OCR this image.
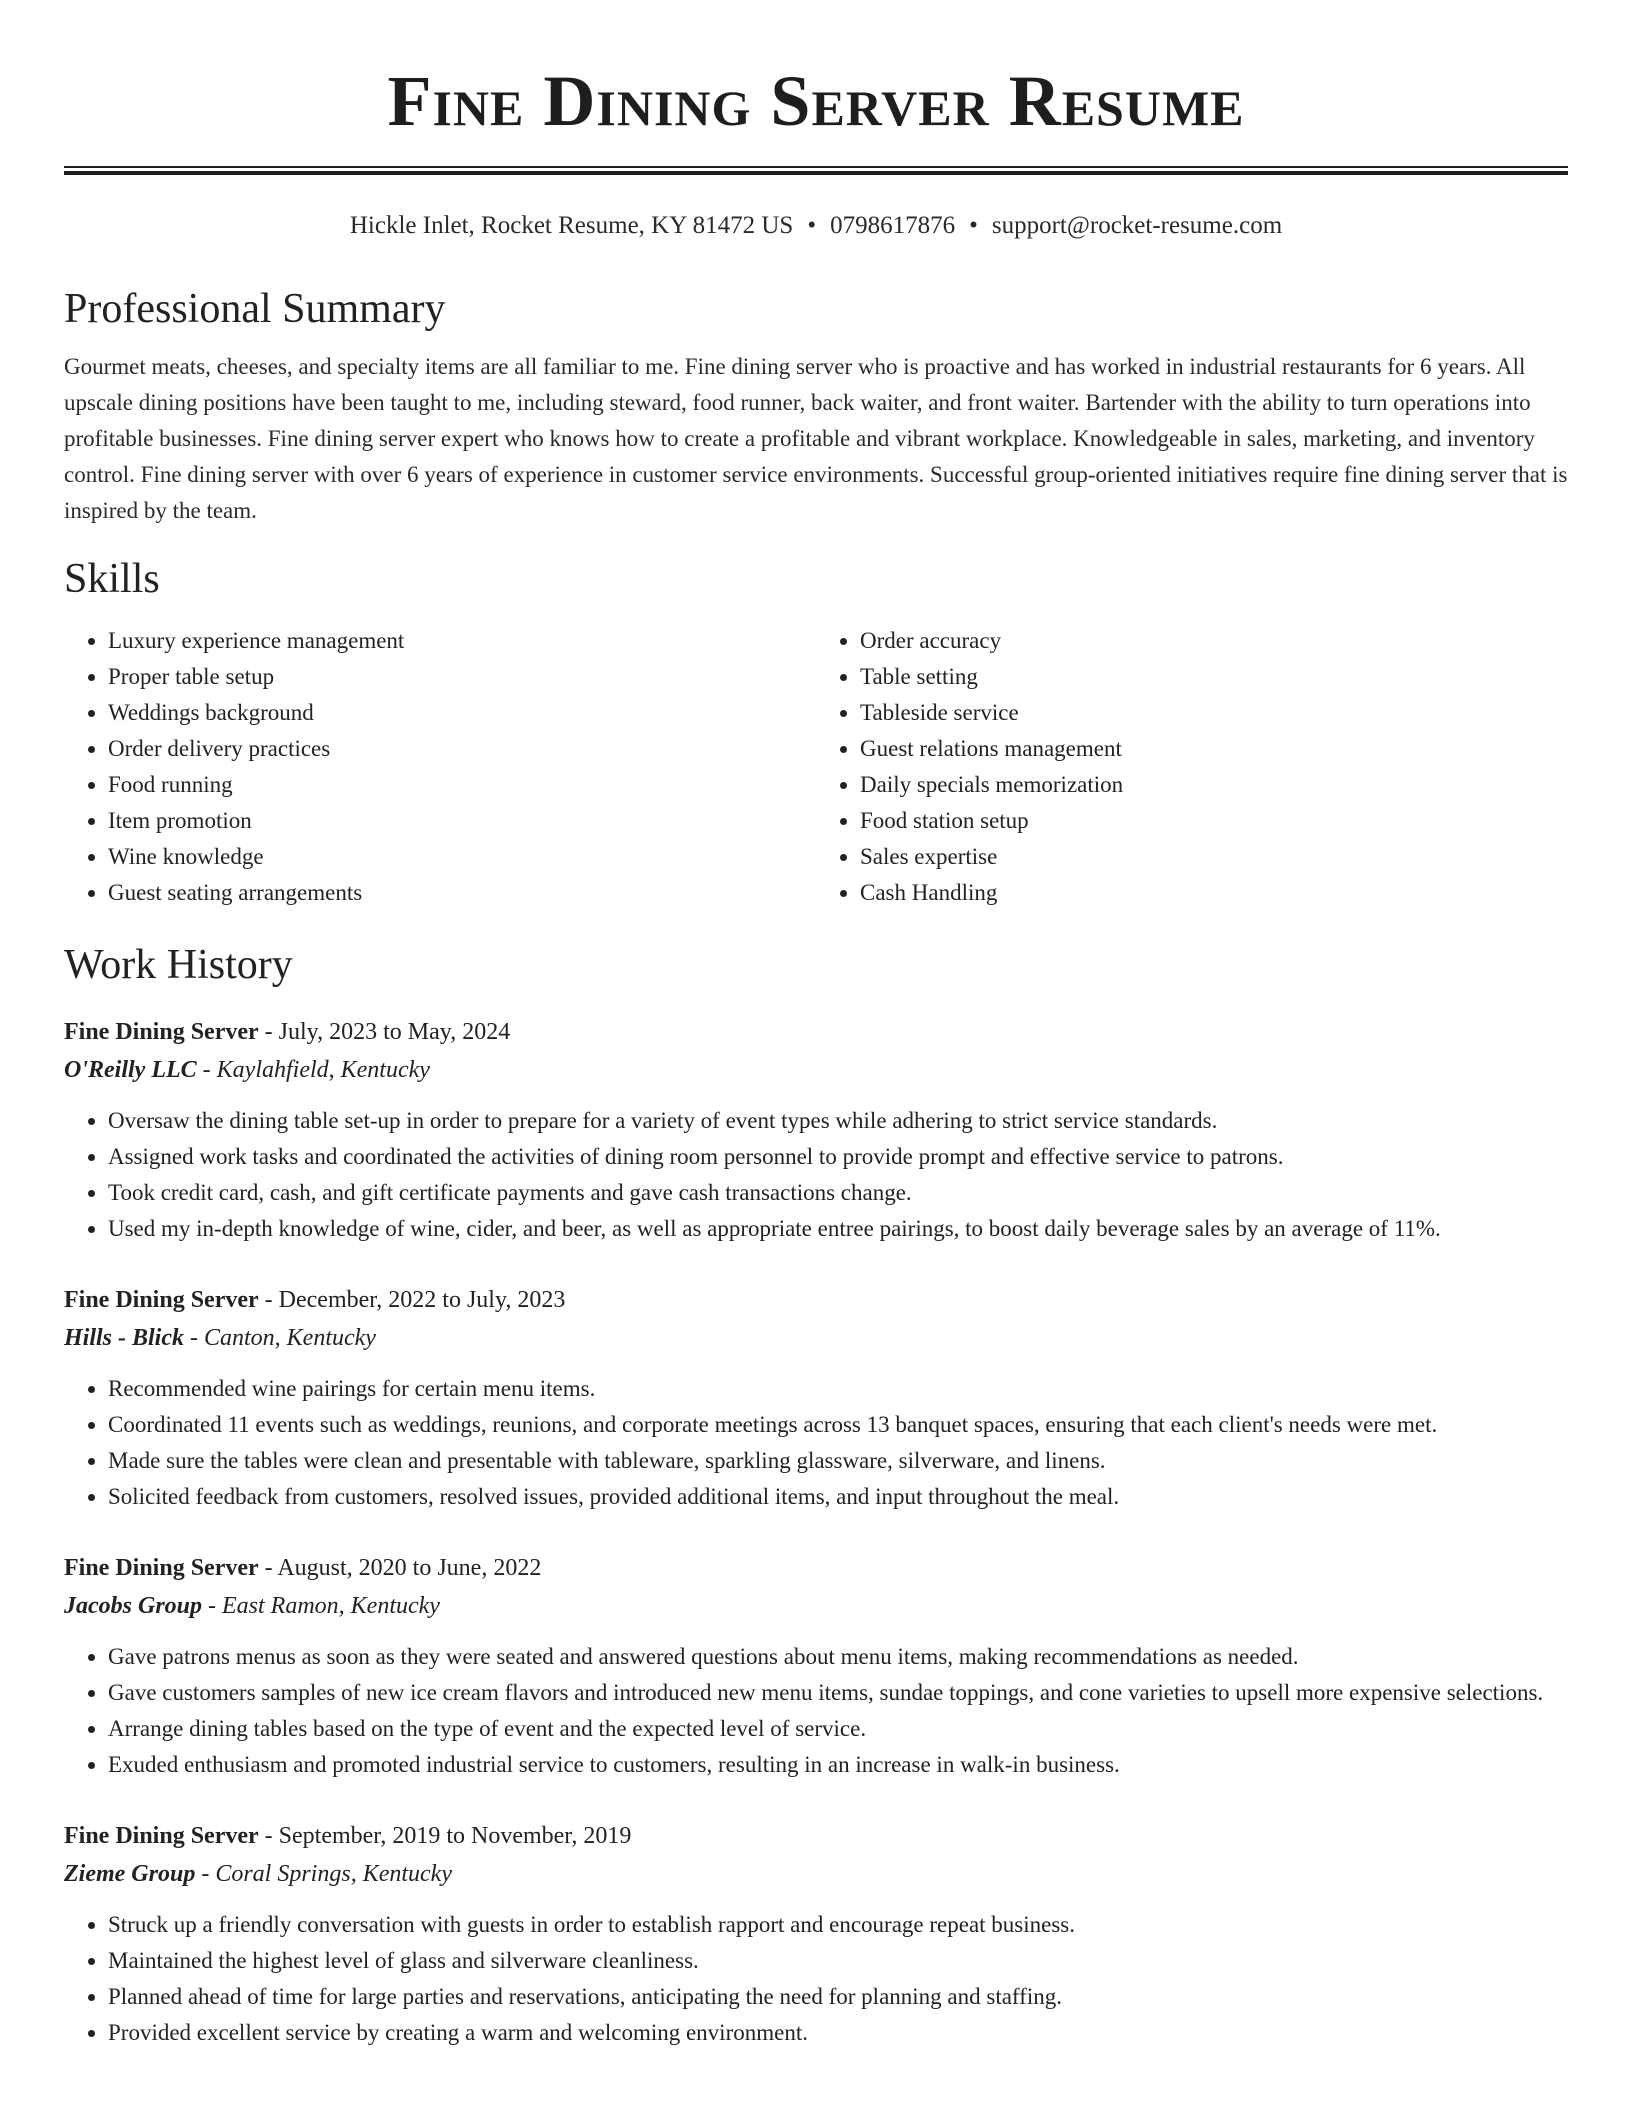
Fine Dining Server Resume
Hickle Inlet, Rocket Resume, KY 81472 US • 0798617876 • support@rocket-resume.com
Professional Summary

Gourmet meats, cheeses, and specialty items are all familiar to me. Fine dining server who is proactive and has worked in industrial restaurants for 6 years. All upscale dining positions have been taught to me, including steward, food runner, back waiter, and front waiter. Bartender with the ability to turn operations into profitable businesses. Fine dining server expert who knows how to create a profitable and vibrant workplace. Knowledgeable in sales, marketing, and inventory control. Fine dining server with over 6 years of experience in customer service environments. Successful group-oriented initiatives require fine dining server that is inspired by the team.

Skills
• Luxury experience management
• Proper table setup
• Weddings background
• Order delivery practices
• Food running
• Item promotion
• Wine knowledge
• Guest seating arrangements
• Order accuracy
• Table setting
• Tableside service
• Guest relations management
• Daily specials memorization
• Food station setup
• Sales expertise
• Cash Handling
Work History
Fine Dining Server - July, 2023 to May, 2024
O'Reilly LLC - Kaylahfield, Kentucky
• Oversaw the dining table set-up in order to prepare for a variety of event types while adhering to strict service standards.
• Assigned work tasks and coordinated the activities of dining room personnel to provide prompt and effective service to patrons.
• Took credit card, cash, and gift certificate payments and gave cash transactions change.
• Used my in-depth knowledge of wine, cider, and beer, as well as appropriate entree pairings, to boost daily beverage sales by an average of 11%.
Fine Dining Server - December, 2022 to July, 2023
Hills - Blick - Canton, Kentucky
• Recommended wine pairings for certain menu items.
• Coordinated 11 events such as weddings, reunions, and corporate meetings across 13 banquet spaces, ensuring that each client's needs were met.
• Made sure the tables were clean and presentable with tableware, sparkling glassware, silverware, and linens.
• Solicited feedback from customers, resolved issues, provided additional items, and input throughout the meal.
Fine Dining Server - August, 2020 to June, 2022
Jacobs Group - East Ramon, Kentucky
• Gave patrons menus as soon as they were seated and answered questions about menu items, making recommendations as needed.
• Gave customers samples of new ice cream flavors and introduced new menu items, sundae toppings, and cone varieties to upsell more expensive selections.
• Arrange dining tables based on the type of event and the expected level of service.
• Exuded enthusiasm and promoted industrial service to customers, resulting in an increase in walk-in business.
Fine Dining Server - September, 2019 to November, 2019
Zieme Group - Coral Springs, Kentucky
• Struck up a friendly conversation with guests in order to establish rapport and encourage repeat business.
• Maintained the highest level of glass and silverware cleanliness.
• Planned ahead of time for large parties and reservations, anticipating the need for planning and staffing.
• Provided excellent service by creating a warm and welcoming environment.
